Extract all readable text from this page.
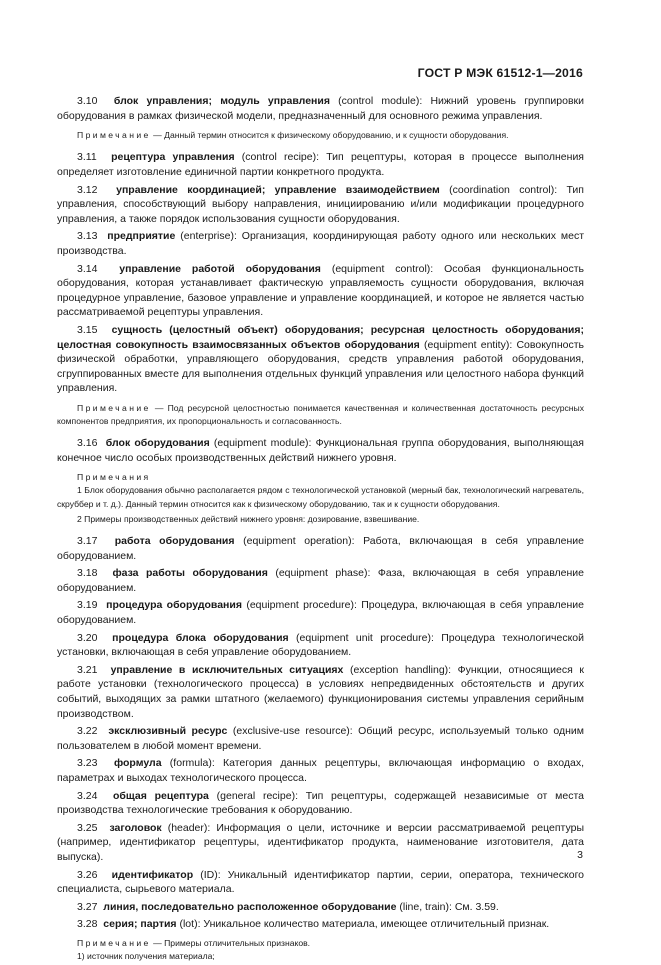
ГОСТ Р МЭК 61512-1—2016

3.10 блок управления; модуль управления (control module): Нижний уровень группировки оборудования в рамках физической модели, предназначенный для основного режима управления.

Примечание — Данный термин относится к физическому оборудованию, и к сущности оборудования.

3.11 рецептура управления (control recipe): Тип рецептуры, которая в процессе выполнения определяет изготовление единичной партии конкретного продукта.

3.12 управление координацией; управление взаимодействием (coordination control): Тип управления, способствующий выбору направления, инициированию и/или модификации процедурного управления, а также порядок использования сущности оборудования.

3.13 предприятие (enterprise): Организация, координирующая работу одного или нескольких мест производства.

3.14 управление работой оборудования (equipment control): Особая функциональность оборудования, которая устанавливает фактическую управляемость сущности оборудования, включая процедурное управление, базовое управление и управление координацией, и которое не является частью рассматриваемой рецептуры управления.

3.15 сущность (целостный объект) оборудования; ресурсная целостность оборудования; целостная совокупность взаимосвязанных объектов оборудования (equipment entity): Совокупность физической обработки, управляющего оборудования, средств управления работой оборудования, сгруппированных вместе для выполнения отдельных функций управления или целостного набора функций управления.

Примечание — Под ресурсной целостностью понимается качественная и количественная достаточность ресурсных компонентов предприятия, их пропорциональность и согласованность.

3.16 блок оборудования (equipment module): Функциональная группа оборудования, выполняющая конечное число особых производственных действий нижнего уровня.

Примечания

1 Блок оборудования обычно располагается рядом с технологической установкой (мерный бак, технологический нагреватель, скруббер и т. д.). Данный термин относится как к физическому оборудованию, так и к сущности оборудования.

2 Примеры производственных действий нижнего уровня: дозирование, взвешивание.

3.17 работа оборудования (equipment operation): Работа, включающая в себя управление оборудованием.

3.18 фаза работы оборудования (equipment phase): Фаза, включающая в себя управление оборудованием.

3.19 процедура оборудования (equipment procedure): Процедура, включающая в себя управление оборудованием.

3.20 процедура блока оборудования (equipment unit procedure): Процедура технологической установки, включающая в себя управление оборудованием.

3.21 управление в исключительных ситуациях (exception handling): Функции, относящиеся к работе установки (технологического процесса) в условиях непредвиденных обстоятельств и других событий, выходящих за рамки штатного (желаемого) функционирования системы управления серийным производством.

3.22 эксклюзивный ресурс (exclusive-use resource): Общий ресурс, используемый только одним пользователем в любой момент времени.

3.23 формула (formula): Категория данных рецептуры, включающая информацию о входах, параметрах и выходах технологического процесса.

3.24 общая рецептура (general recipe): Тип рецептуры, содержащей независимые от места производства технологические требования к оборудованию.

3.25 заголовок (header): Информация о цели, источнике и версии рассматриваемой рецептуры (например, идентификатор рецептуры, идентификатор продукта, наименование изготовителя, дата выпуска).

3.26 идентификатор (ID): Уникальный идентификатор партии, серии, оператора, технического специалиста, сырьевого материала.

3.27 линия, последовательно расположенное оборудование (line, train): См. 3.59.

3.28 серия; партия (lot): Уникальное количество материала, имеющее отличительный признак.

Примечание — Примеры отличительных признаков.

1) источник получения материала;

3
